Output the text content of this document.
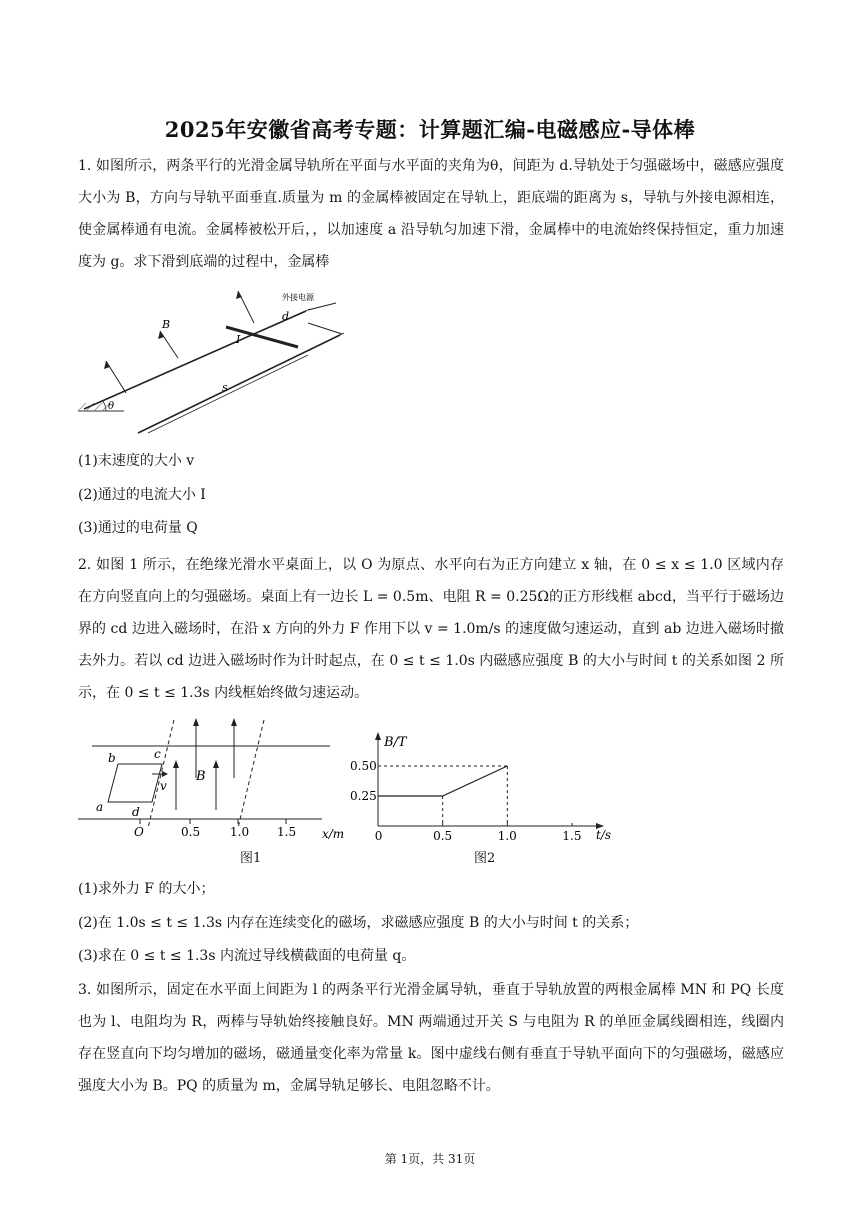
2025年安徽省高考专题：计算题汇编-电磁感应-导体棒
1. 如图所示，两条平行的光滑金属导轨所在平面与水平面的夹角为θ，间距为 d.导轨处于匀强磁场中，磁感应强度大小为 B，方向与导轨平面垂直.质量为 m 的金属棒被固定在导轨上，距底端的距离为 s，导轨与外接电源相连，使金属棒通有电流。金属棒被松开后，，以加速度 a 沿导轨匀加速下滑，金属棒中的电流始终保持恒定，重力加速度为 g。求下滑到底端的过程中，金属棒
外接电源
B
d
I
s
θ
(1)末速度的大小 v
(2)通过的电流大小 I
(3)通过的电荷量 Q
2. 如图 1 所示，在绝缘光滑水平桌面上，以 O 为原点、水平向右为正方向建立 x 轴，在 0 ≤ x ≤ 1.0 区域内存在方向竖直向上的匀强磁场。桌面上有一边长 L = 0.5m、电阻 R = 0.25Ω的正方形线框 abcd，当平行于磁场边界的 cd 边进入磁场时，在沿 x 方向的外力 F 作用下以 v = 1.0m/s 的速度做匀速运动，直到 ab 边进入磁场时撤去外力。若以 cd 边进入磁场时作为计时起点，在 0 ≤ t ≤ 1.0s 内磁感应强度 B 的大小与时间 t 的关系如图 2 所示，在 0 ≤ t ≤ 1.3s 内线框始终做匀速运动。
b	c
a d
v
B
O	0.5 1.0 1.5 x/m
图1
0	0.5	1.0	1.5
0.25
0.50
B/T
t/s
图2
(1)求外力 F 的大小；
(2)在 1.0s ≤ t ≤ 1.3s 内存在连续变化的磁场，求磁感应强度 B 的大小与时间 t 的关系；
(3)求在 0 ≤ t ≤ 1.3s 内流过导线横截面的电荷量 q。
3. 如图所示，固定在水平面上间距为 l 的两条平行光滑金属导轨，垂直于导轨放置的两根金属棒 MN 和 PQ 长度也为 l、电阻均为 R，两棒与导轨始终接触良好。MN 两端通过开关 S 与电阻为 R 的单匝金属线圈相连，线圈内存在竖直向下均匀增加的磁场，磁通量变化率为常量 k。图中虚线右侧有垂直于导轨平面向下的匀强磁场，磁感应强度大小为 B。PQ 的质量为 m，金属导轨足够长、电阻忽略不计。
第 1页，共 31页
